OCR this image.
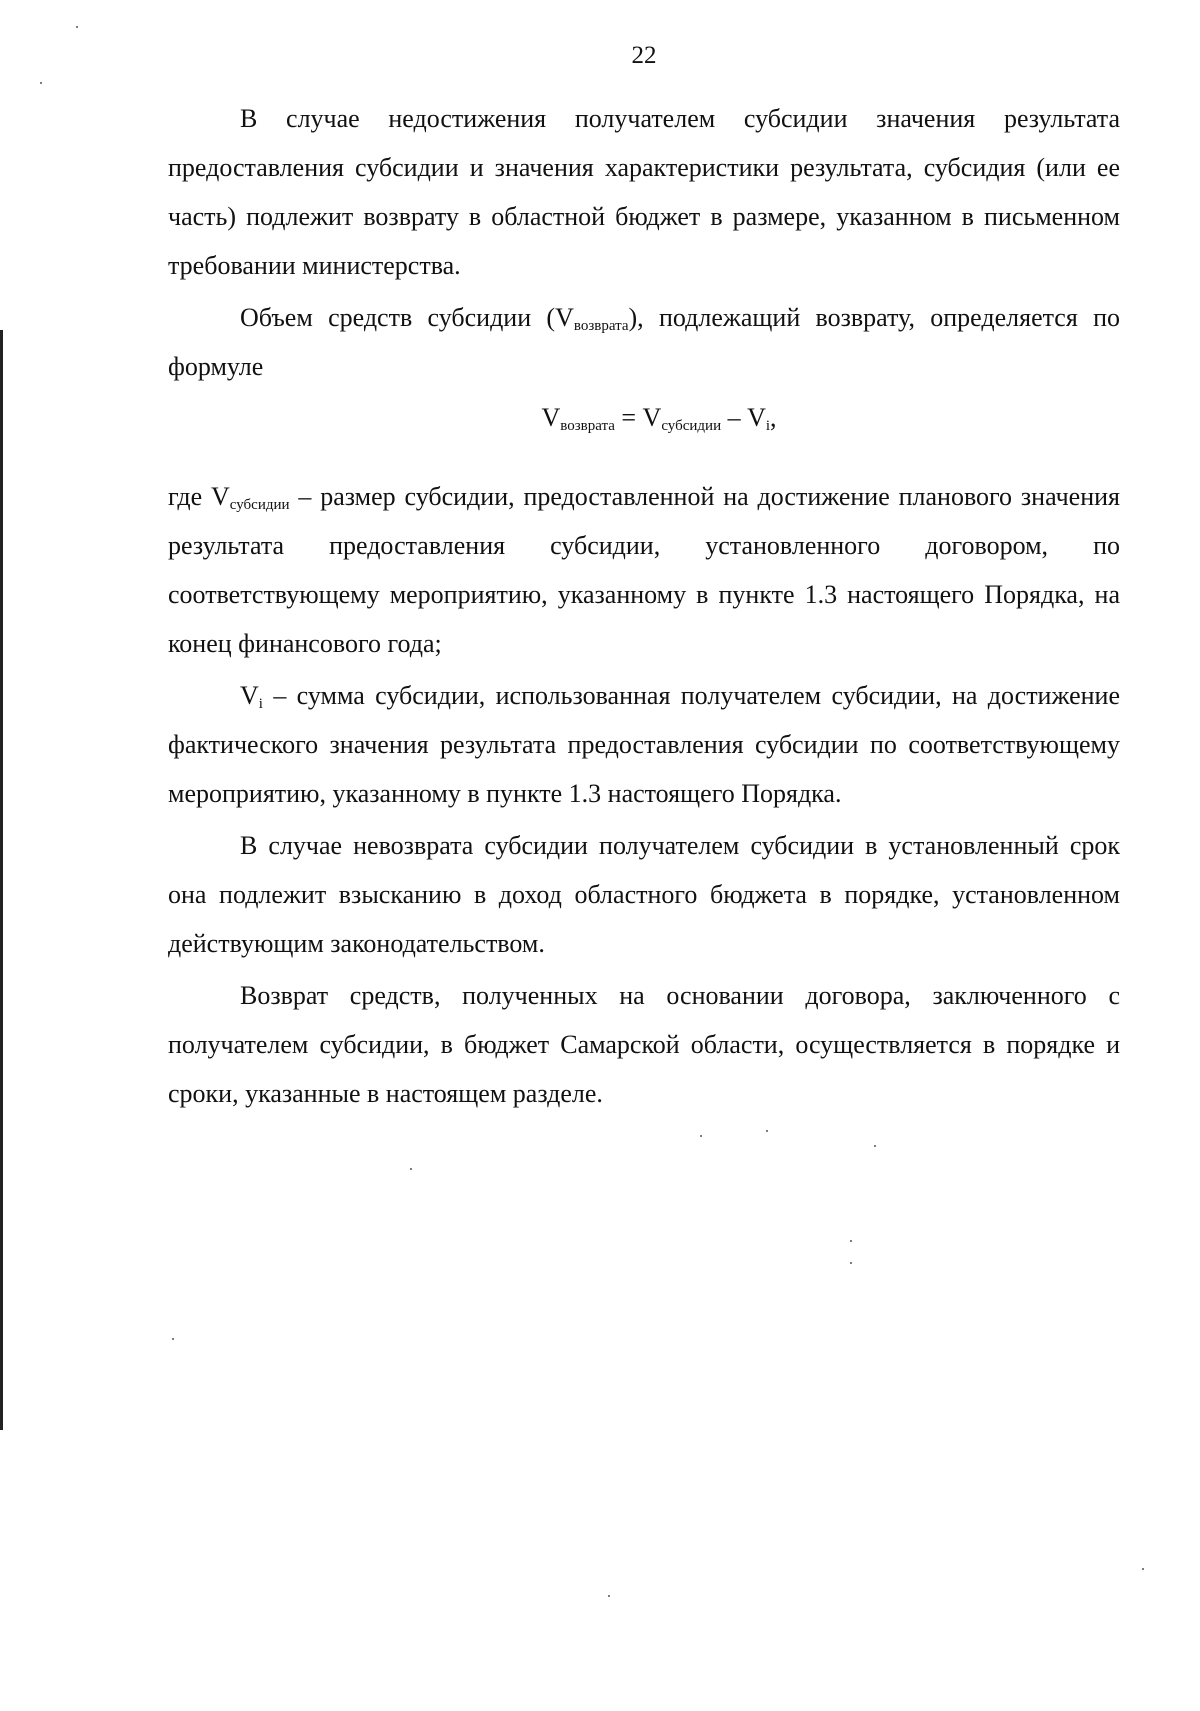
22

В случае недостижения получателем субсидии значения результата предоставления субсидии и значения характеристики результата, субсидия (или ее часть) подлежит возврату в областной бюджет в размере, указанном в письменном требовании министерства.

Объем средств субсидии $(V_{возврата})$, подлежащий возврату, определяется по формуле

$V_{возврата} = V_{субсидии} - V_i$,

где $V_{субсидии}$ – размер субсидии, предоставленной на достижение планового значения результата предоставления субсидии, установленного договором, по соответствующему мероприятию, указанному в пункте 1.3 настоящего Порядка, на конец финансового года;

$V_i$ – сумма субсидии, использованная получателем субсидии, на достижение фактического значения результата предоставления субсидии по соответствующему мероприятию, указанному в пункте 1.3 настоящего Порядка.

В случае невозврата субсидии получателем субсидии в установленный срок она подлежит взысканию в доход областного бюджета в порядке, установленном действующим законодательством.

Возврат средств, полученных на основании договора, заключенного с получателем субсидии, в бюджет Самарской области, осуществляется в порядке и сроки, указанные в настоящем разделе.
